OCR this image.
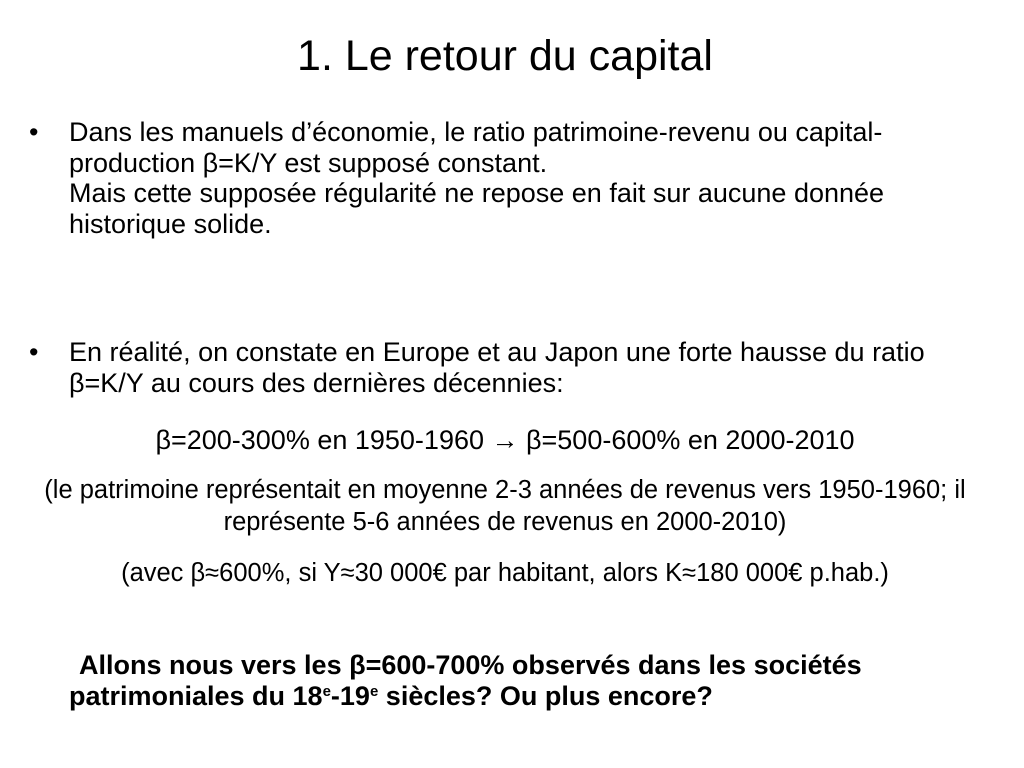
1. Le retour du capital
• Dans les manuels d’économie, le ratio patrimoine-revenu ou capital-production β=K/Y est supposé constant.
Mais cette supposée régularité ne repose en fait sur aucune donnée historique solide.
• En réalité, on constate en Europe et au Japon une forte hausse du ratio β=K/Y au cours des dernières décennies:
β=200-300% en 1950-1960 → β=500-600% en 2000-2010
(le patrimoine représentait en moyenne 2-3 années de revenus vers 1950-1960; il représente 5-6 années de revenus en 2000-2010)
(avec β≈600%, si Y≈30 000€ par habitant, alors K≈180 000€ p.hab.)
Allons nous vers les β=600-700% observés dans les sociétés patrimoniales du 18e-19e siècles? Ou plus encore?
